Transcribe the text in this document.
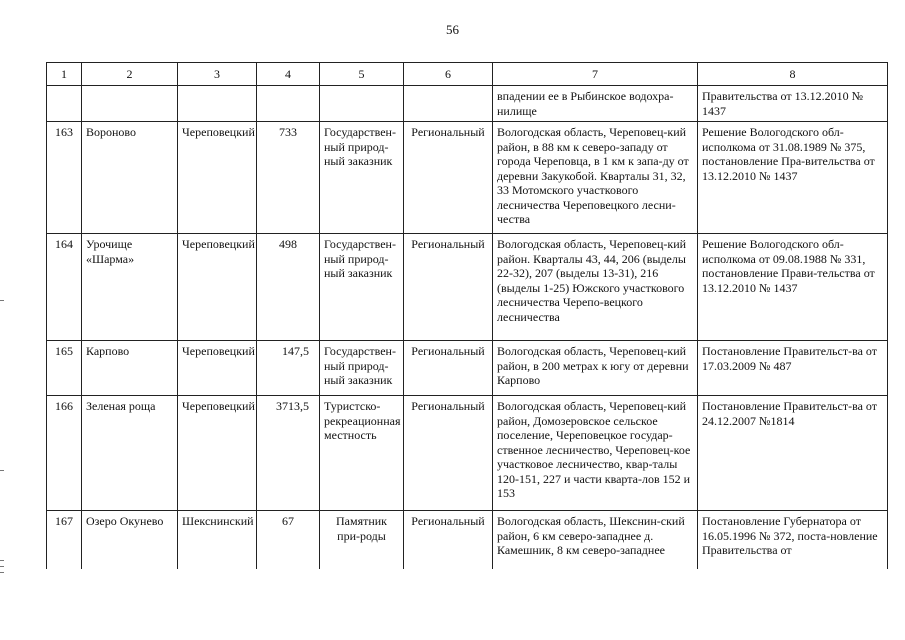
56
1	2	3	4	5	6	7	8
						впадении ее в Рыбинское водохра-нилище	Правительства от 13.12.2010 № 1437
163	Вороново	Череповецкий	733	Государствен-ный природ-ный заказник	Региональный	Вологодская область, Череповец-кий район, в 88 км к северо-западу от города Череповца, в 1 км к запа-ду от деревни Закукобой. Кварталы 31, 32, 33 Мотомского участкового лесничества Череповецкого лесни-чества	Решение Вологодского обл-исполкома от 31.08.1989 № 375, постановление Пра-вительства от 13.12.2010 № 1437
164	Урочище «Шарма»	Череповецкий	498	Государствен-ный природ-ный заказник	Региональный	Вологодская область, Череповец-кий район. Кварталы 43, 44, 206 (выделы 22-32), 207 (выделы 13-31), 216 (выделы 1-25) Южского участкового лесничества Черепо-вецкого лесничества	Решение Вологодского обл-исполкома от 09.08.1988 № 331, постановление Прави-тельства от 13.12.2010 № 1437
165	Карпово	Череповецкий	147,5	Государствен-ный природ-ный заказник	Региональный	Вологодская область, Череповец-кий район, в 200 метрах к югу от деревни Карпово	Постановление Правительст-ва от 17.03.2009 № 487
166	Зеленая роща	Череповецкий	3713,5	Туристско-рекреационная местность	Региональный	Вологодская область, Череповец-кий район, Домозеровское сельское поселение, Череповецкое государ-ственное лесничество, Череповец-кое участковое лесничество, квар-талы 120-151, 227 и части кварта-лов 152 и 153	Постановление Правительст-ва от 24.12.2007 №1814
167	Озеро Окунево	Шекснинский	67	Памятник при-роды	Региональный	Вологодская область, Шекснин-ский район, 6 км северо-западнее д. Камешник, 8 км северо-западнее	Постановление Губернатора от 16.05.1996 № 372, поста-новление Правительства от
